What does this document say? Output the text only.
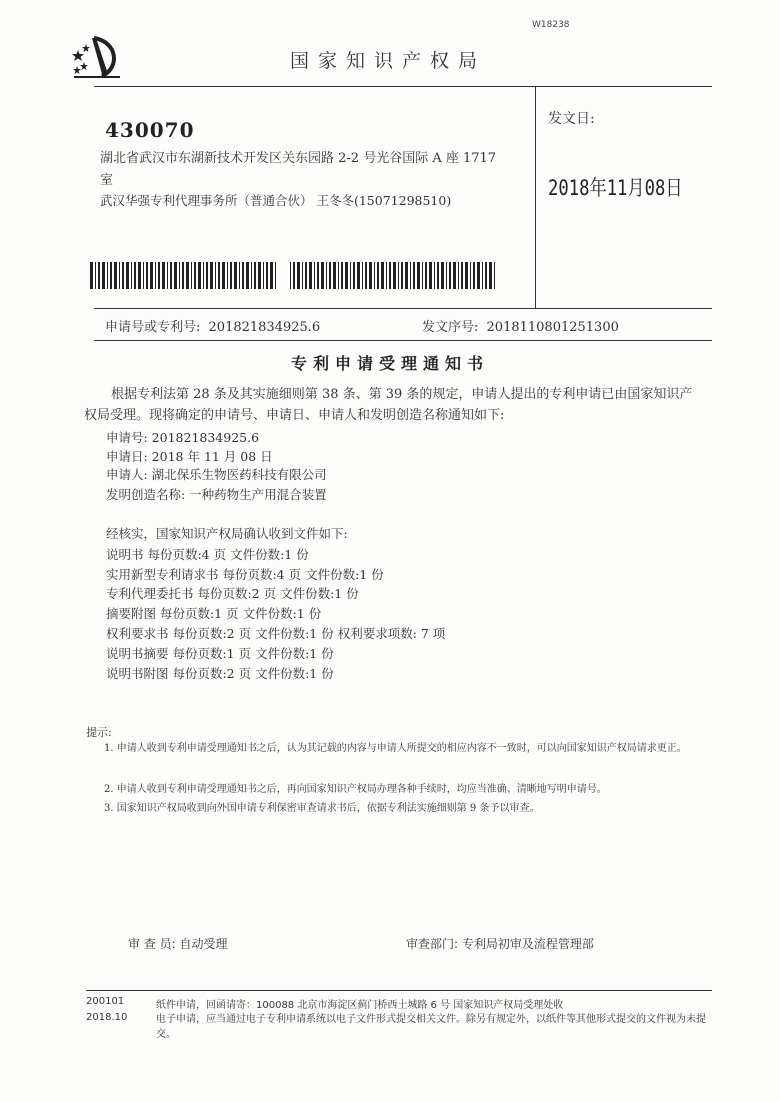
W18238
国家知识产权局
430070
湖北省武汉市东湖新技术开发区关东园路 2-2 号光谷国际 A 座 1717 室
武汉华强专利代理事务所（普通合伙） 王冬冬(15071298510)
发文日:
2018年11月08日
申请号或专利号: 201821834925.6	发文序号: 2018110801251300
专利申请受理通知书
根据专利法第 28 条及其实施细则第 38 条、第 39 条的规定，申请人提出的专利申请已由国家知识产权局受理。现将确定的申请号、申请日、申请人和发明创造名称通知如下:
申请号: 201821834925.6
申请日: 2018 年 11 月 08 日
申请人: 湖北保乐生物医药科技有限公司
发明创造名称: 一种药物生产用混合装置
经核实，国家知识产权局确认收到文件如下:
说明书 每份页数:4 页 文件份数:1 份
实用新型专利请求书 每份页数:4 页 文件份数:1 份
专利代理委托书 每份页数:2 页 文件份数:1 份
摘要附图 每份页数:1 页 文件份数:1 份
权利要求书 每份页数:2 页 文件份数:1 份 权利要求项数: 7 项
说明书摘要 每份页数:1 页 文件份数:1 份
说明书附图 每份页数:2 页 文件份数:1 份
提示:
1. 申请人收到专利申请受理通知书之后，认为其记载的内容与申请人所提交的相应内容不一致时，可以向国家知识产权局请求更正。
2. 申请人收到专利申请受理通知书之后，再向国家知识产权局办理各种手续时，均应当准确、清晰地写明申请号。
3. 国家知识产权局收到向外国申请专利保密审查请求书后，依据专利法实施细则第 9 条予以审查。
审 查 员: 自动受理	审查部门: 专利局初审及流程管理部
200101
2018.10
纸件申请，回函请寄：100088 北京市海淀区蓟门桥西土城路 6 号 国家知识产权局受理处收
电子申请，应当通过电子专利申请系统以电子文件形式提交相关文件。除另有规定外，以纸件等其他形式提交的文件视为未提交。
